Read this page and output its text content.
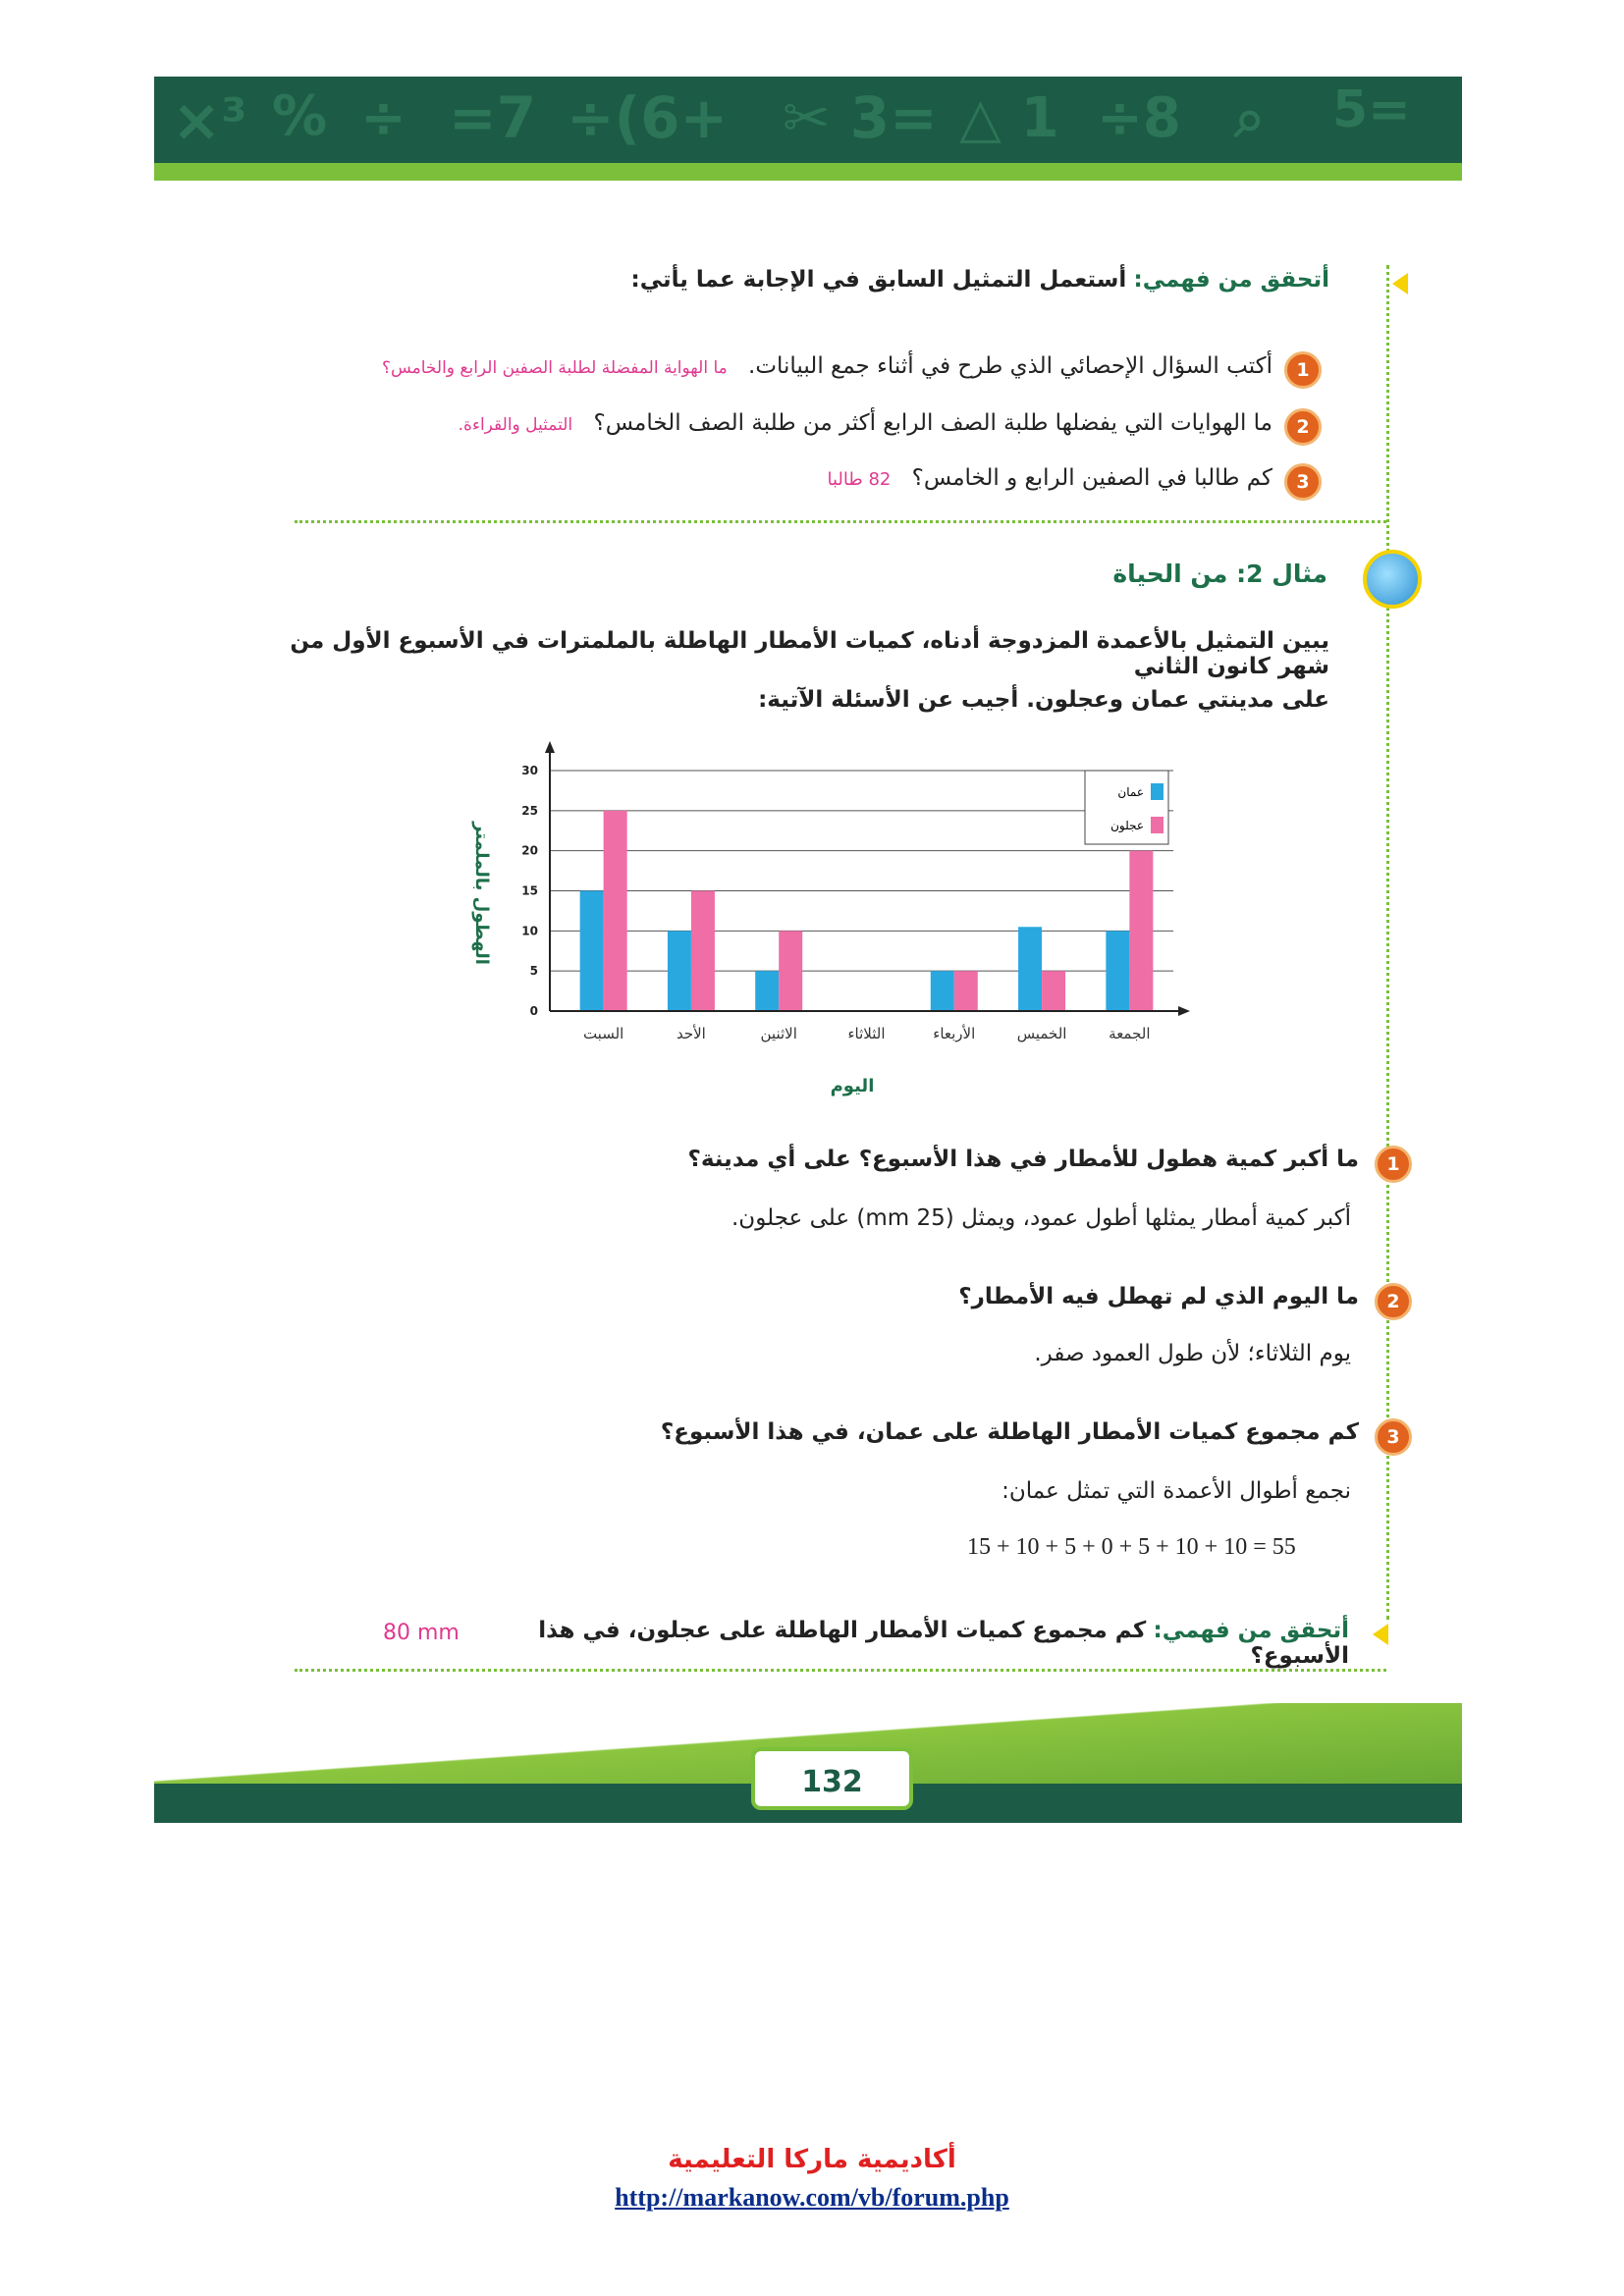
×³ % ÷ =7 ÷(6+ ✂ 3= △ 1 ÷8 ⌕ 5=
أتحقق من فهمي: أستعمل التمثيل السابق في الإجابة عما يأتي:
1
أكتب السؤال الإحصائي الذي طرح في أثناء جمع البيانات. ما الهواية المفضلة لطلبة الصفين الرابع والخامس؟
2
ما الهوايات التي يفضلها طلبة الصف الرابع أكثر من طلبة الصف الخامس؟ التمثيل والقراءة.
3
كم طالبا في الصفين الرابع و الخامس؟ 82 طالبا
مثال 2: من الحياة
يبين التمثيل بالأعمدة المزدوجة أدناه، كميات الأمطار الهاطلة بالملمترات في الأسبوع الأول من شهر كانون الثاني
على مدينتي عمان وعجلون. أجيب عن الأسئلة الآتية:
0
5
10
15
20
25
30
السبت	الأحد	الاثنين	الثلاثاء	الأربعاء	الخميس	الجمعة
عمان
عجلون
الهطول بالملمتر
اليوم
1
ما أكبر كمية هطول للأمطار في هذا الأسبوع؟ على أي مدينة؟
أكبر كمية أمطار يمثلها أطول عمود، ويمثل (25 mm) على عجلون.
2
ما اليوم الذي لم تهطل فيه الأمطار؟
يوم الثلاثاء؛ لأن طول العمود صفر.
3
كم مجموع كميات الأمطار الهاطلة على عمان، في هذا الأسبوع؟
نجمع أطوال الأعمدة التي تمثل عمان:
15 + 10 + 5 + 0 + 5 + 10 + 10 = 55
أتحقق من فهمي: كم مجموع كميات الأمطار الهاطلة على عجلون، في هذا الأسبوع؟
80 mm
132
أكاديمية ماركا التعليمية
http://markanow.com/vb/forum.php
